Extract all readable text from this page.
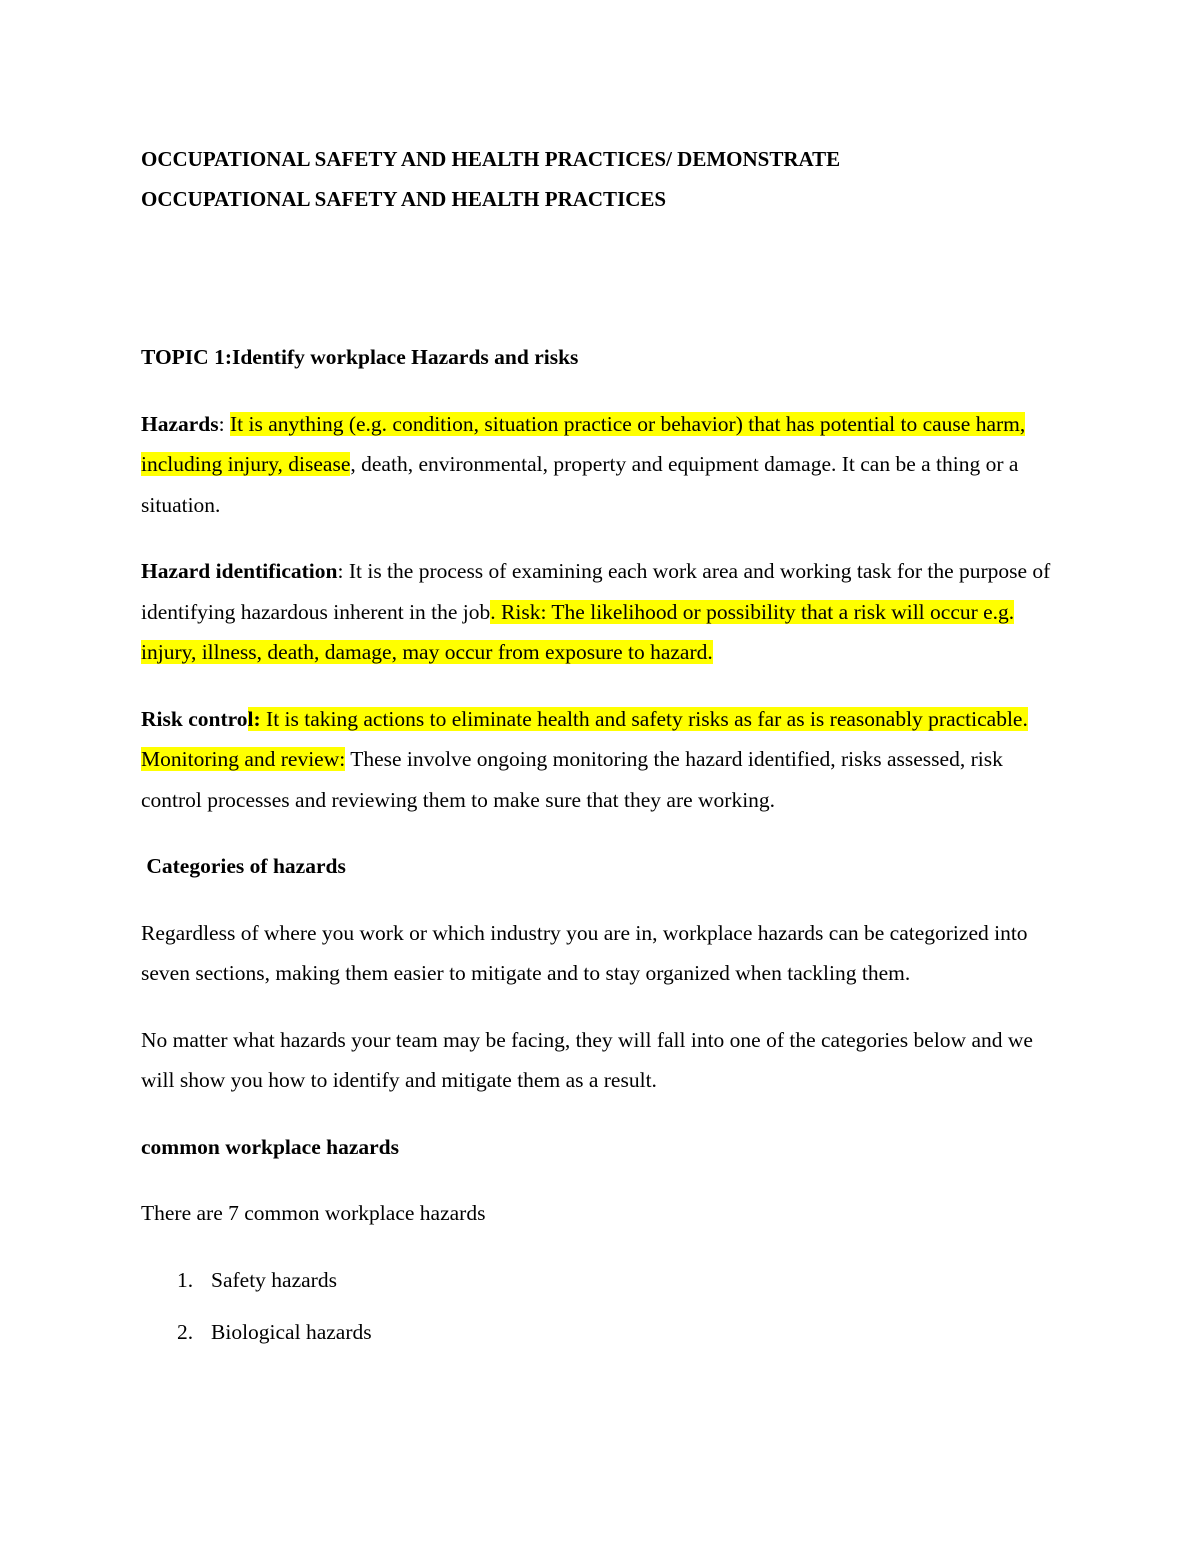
OCCUPATIONAL SAFETY AND HEALTH PRACTICES/ DEMONSTRATE

OCCUPATIONAL SAFETY AND HEALTH PRACTICES

TOPIC 1:Identify workplace Hazards and risks

Hazards: It is anything (e.g. condition, situation practice or behavior) that has potential to cause harm, including injury, disease, death, environmental, property and equipment damage. It can be a thing or a situation.

Hazard identification: It is the process of examining each work area and working task for the purpose of identifying hazardous inherent in the job. Risk: The likelihood or possibility that a risk will occur e.g. injury, illness, death, damage, may occur from exposure to hazard.

Risk control: It is taking actions to eliminate health and safety risks as far as is reasonably practicable. Monitoring and review: These involve ongoing monitoring the hazard identified, risks assessed, risk control processes and reviewing them to make sure that they are working.

Categories of hazards

Regardless of where you work or which industry you are in, workplace hazards can be categorized into seven sections, making them easier to mitigate and to stay organized when tackling them.

No matter what hazards your team may be facing, they will fall into one of the categories below and we will show you how to identify and mitigate them as a result.

common workplace hazards

There are 7 common workplace hazards

1. Safety hazards
2. Biological hazards
